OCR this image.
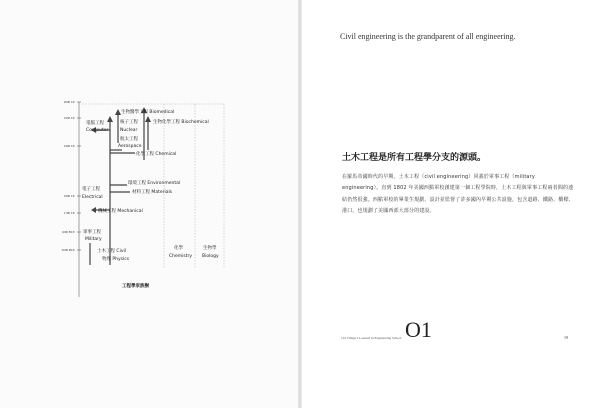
2000 CE
1950 CE
1900 CE
1800 CE
1700 CE
1000 BCE
5000 BCE
軍事工程
Military
土木工程 Civil
物理 Physics
化學
Chemistry
生物學
Biology
機械工程 Mechanical
電子工程
Electrical
電腦工程
Computer
核子工程
Nuclear
航太工程
Aerospace
化學工程 Chemical
環境工程 Environmental
材料工程 Materials
生物醫學工程 Biomedical
生物化學工程 Biochemical
工程學家族樹
Civil engineering is the grandparent of all engineering.
土木工程是所有工程學分支的源頭。
在羅馬帝國時代的早期，土木工程（civil engineering）同義於軍事工程（military engineering）。直到 1802 年美國西點軍校創建第一個工程學院時，土木工程與軍事工程兩者間的連結仍然很強。西點軍校的畢業生規劃、設計並監督了許多國內早期公共設施，包含道路、鐵路、橋樑、港口，也規劃了美國西部大部分的建設。
101 Things I Learned in Engineering School O1	19
